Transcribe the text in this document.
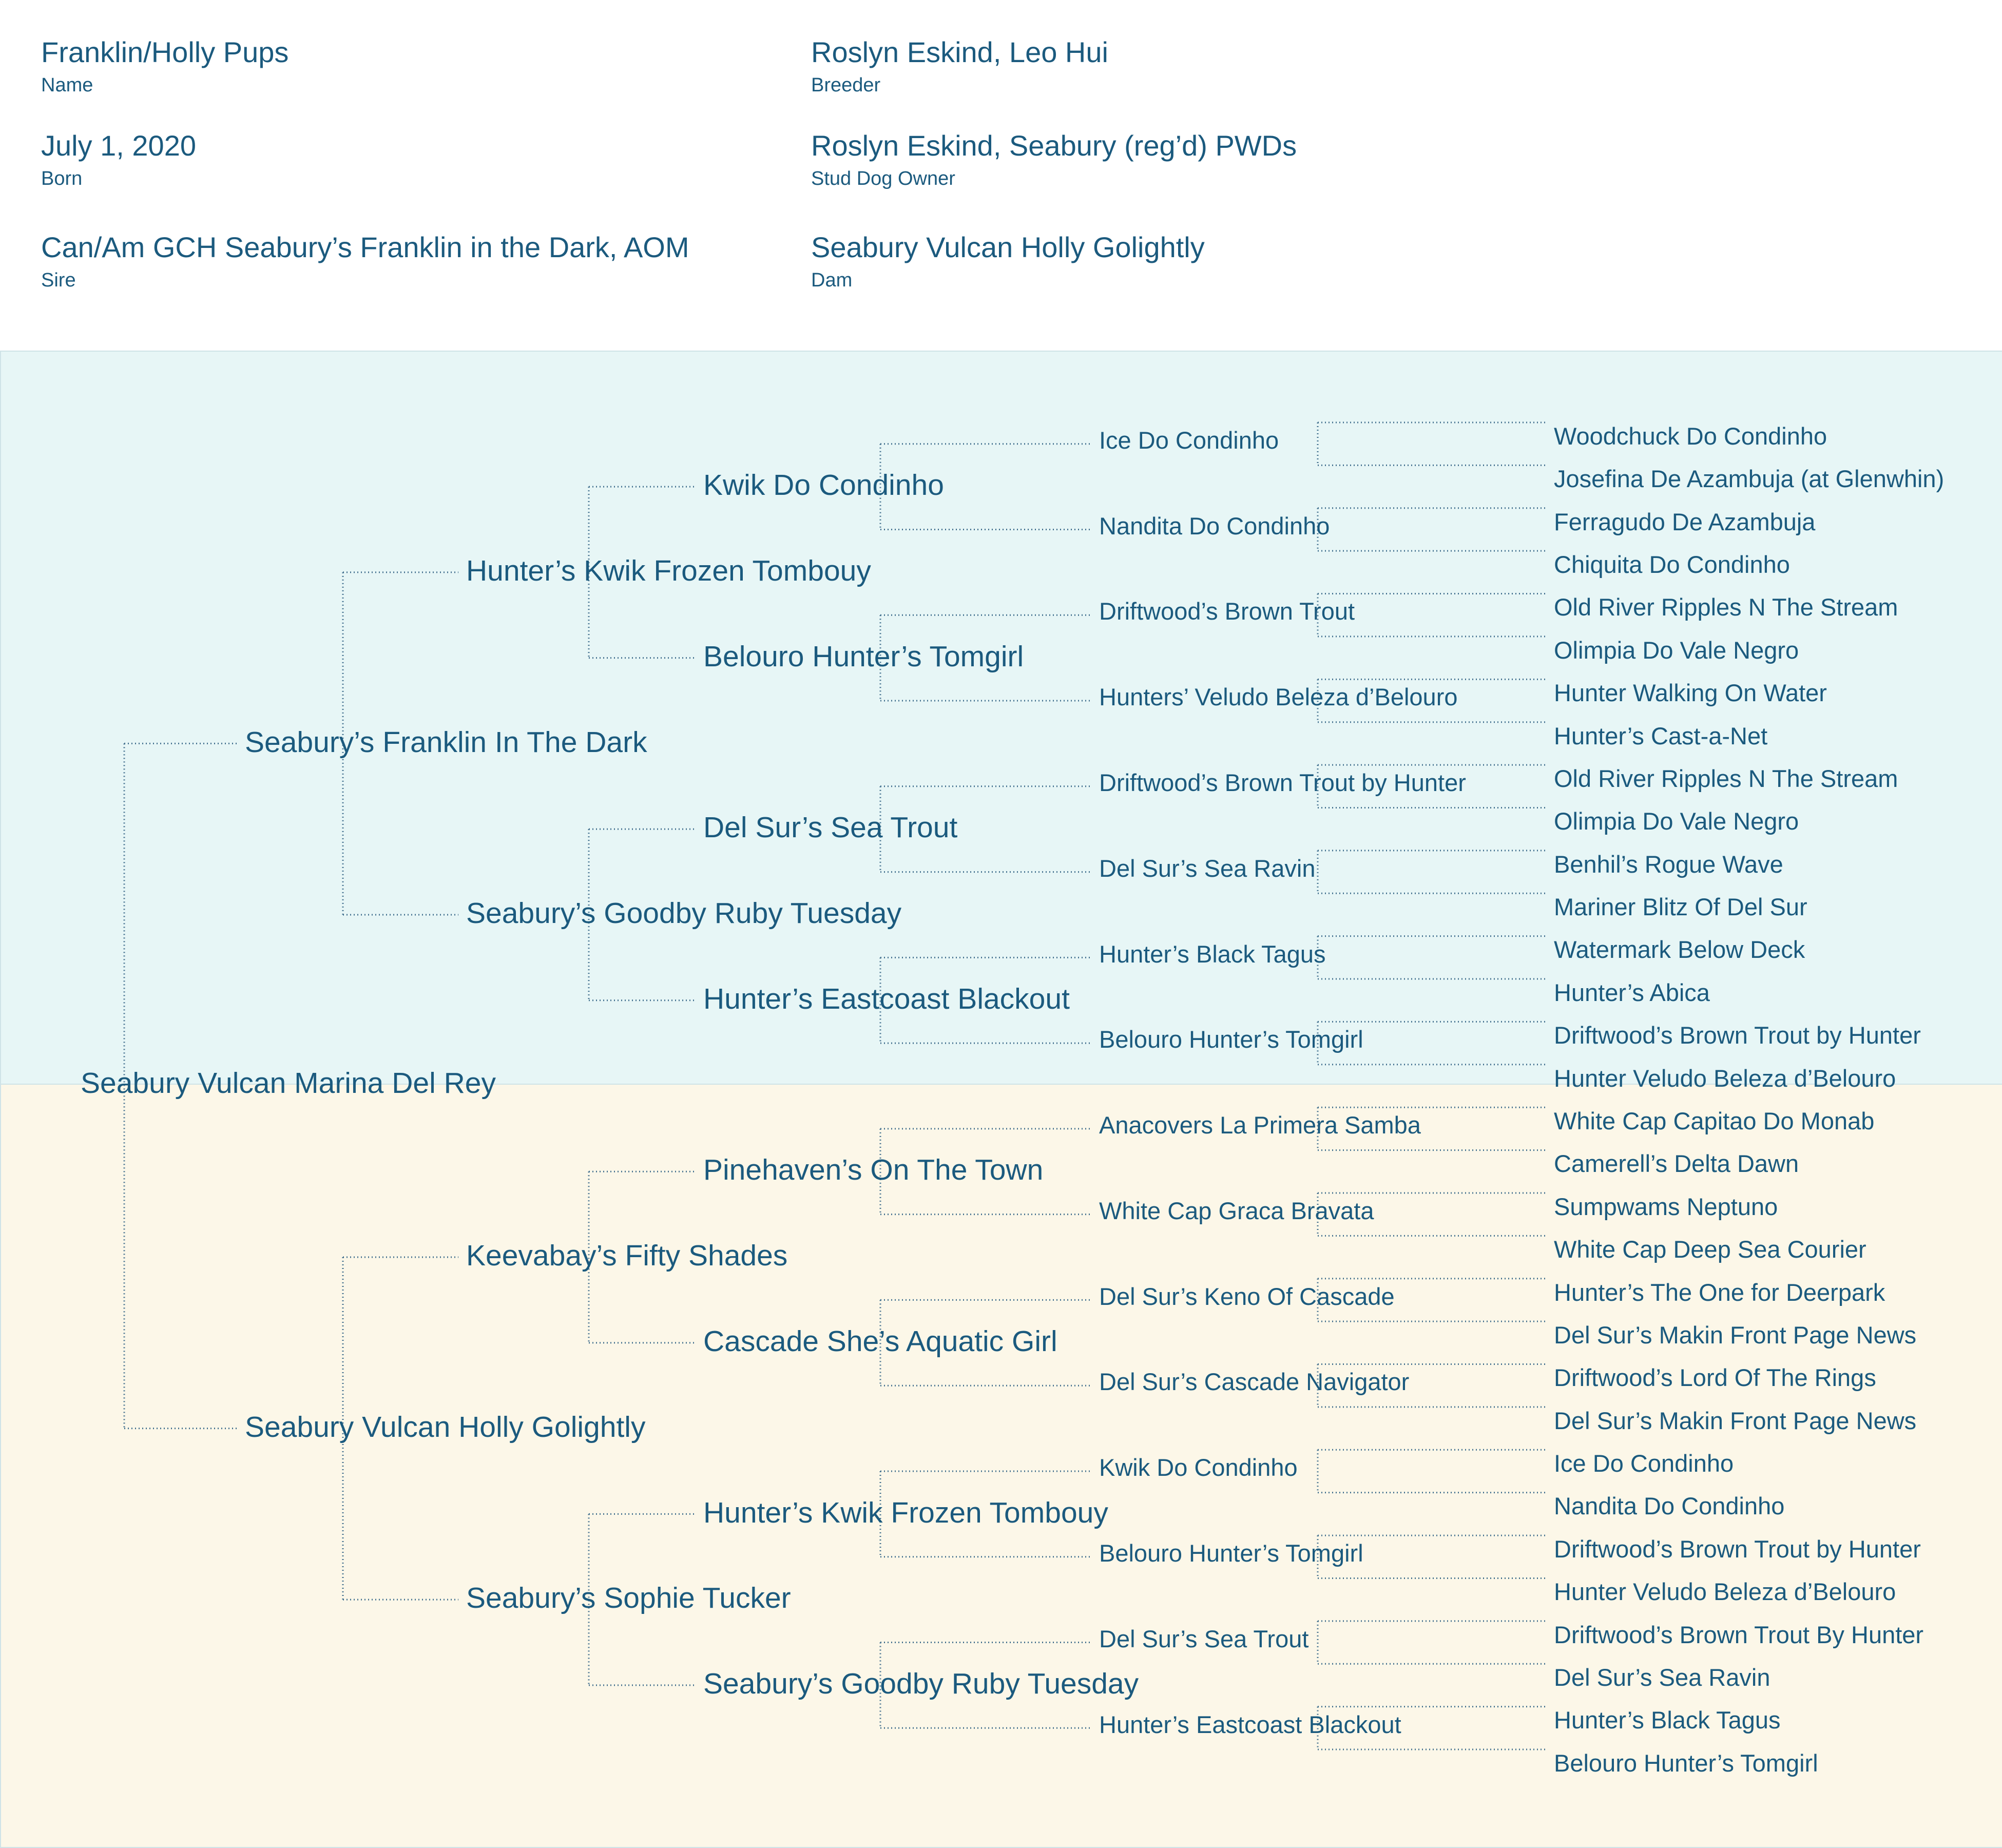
Franklin/Holly Pups
Name
July 1, 2020
Born
Can/Am GCH Seabury’s Franklin in the Dark, AOM
Sire
Roslyn Eskind, Leo Hui
Breeder
Roslyn Eskind, Seabury (reg’d) PWDs
Stud Dog Owner
Seabury Vulcan Holly Golightly
Dam
Seabury Vulcan Marina Del Rey
Seabury’s Franklin In The Dark
Seabury Vulcan Holly Golightly
Hunter’s Kwik Frozen Tombouy
Seabury’s Goodby Ruby Tuesday
Keevabay’s Fifty Shades
Seabury’s Sophie Tucker
Kwik Do Condinho
Belouro Hunter’s Tomgirl
Del Sur’s Sea Trout
Hunter’s Eastcoast Blackout
Pinehaven’s On The Town
Cascade She’s Aquatic Girl
Hunter’s Kwik Frozen Tombouy
Seabury’s Goodby Ruby Tuesday
Ice Do Condinho
Nandita Do Condinho
Driftwood’s Brown Trout
Hunters’ Veludo Beleza d’Belouro
Driftwood’s Brown Trout by Hunter
Del Sur’s Sea Ravin
Hunter’s Black Tagus
Belouro Hunter’s Tomgirl
Anacovers La Primera Samba
White Cap Graca Bravata
Del Sur’s Keno Of Cascade
Del Sur’s Cascade Navigator
Kwik Do Condinho
Belouro Hunter’s Tomgirl
Del Sur’s Sea Trout
Hunter’s Eastcoast Blackout
Woodchuck Do Condinho
Josefina De Azambuja (at Glenwhin)
Ferragudo De Azambuja
Chiquita Do Condinho
Old River Ripples N The Stream
Olimpia Do Vale Negro
Hunter Walking On Water
Hunter’s Cast-a-Net
Old River Ripples N The Stream
Olimpia Do Vale Negro
Benhil’s Rogue Wave
Mariner Blitz Of Del Sur
Watermark Below Deck
Hunter’s Abica
Driftwood’s Brown Trout by Hunter
Hunter Veludo Beleza d’Belouro
White Cap Capitao Do Monab
Camerell’s Delta Dawn
Sumpwams Neptuno
White Cap Deep Sea Courier
Hunter’s The One for Deerpark
Del Sur’s Makin Front Page News
Driftwood’s Lord Of The Rings
Del Sur’s Makin Front Page News
Ice Do Condinho
Nandita Do Condinho
Driftwood’s Brown Trout by Hunter
Hunter Veludo Beleza d’Belouro
Driftwood’s Brown Trout By Hunter
Del Sur’s Sea Ravin
Hunter’s Black Tagus
Belouro Hunter’s Tomgirl
